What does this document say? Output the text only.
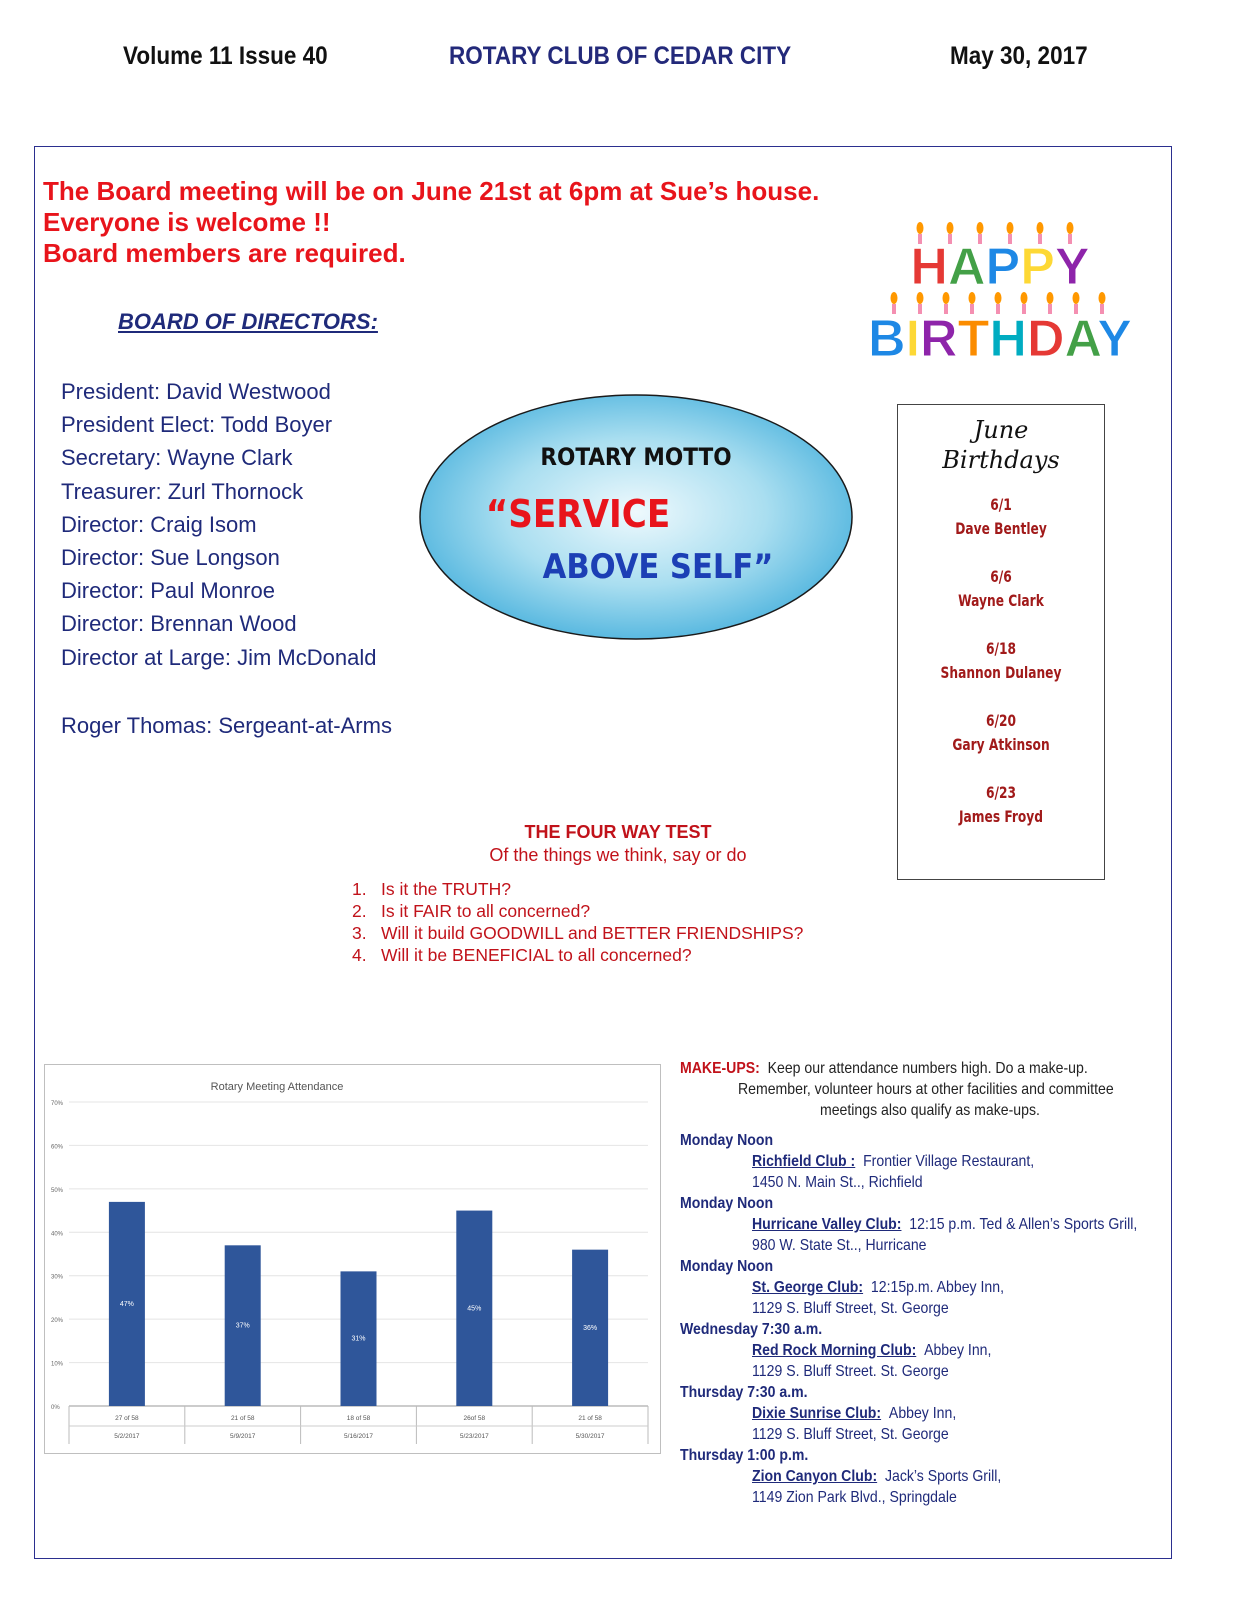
Volume 11 Issue 40	ROTARY CLUB OF CEDAR CITY	May 30, 2017
The Board meeting will be on June 21st at 6pm at Sue’s house.
Everyone is welcome !!
Board members are required.	HAPPY
BIRTHDAY
BOARD OF DIRECTORS:
President: David Westwood
President Elect: Todd Boyer
Secretary: Wayne Clark
Treasurer: Zurl Thornock
Director: Craig Isom
Director: Sue Longson
Director: Paul Monroe
Director: Brennan Wood
Director at Large: Jim McDonald
Roger Thomas: Sergeant-at-Arms
ROTARY MOTTO
“SERVICE
ABOVE SELF”
June
Birthdays
6/1
Dave Bentley
6/6
Wayne Clark
6/18
Shannon Dulaney
6/20
Gary Atkinson
6/23
James Froyd
THE FOUR WAY TEST
Of the things we think, say or do
1. Is it the TRUTH?
2. Is it FAIR to all concerned?
3. Will it build GOODWILL and BETTER FRIENDSHIPS?
4. Will it be BENEFICIAL to all concerned?
Rotary Meeting Attendance
0%
10%
20%
30%
40%
50%
60%
70%
47%
27 of 58
5/2/2017
37%
21 of 58
5/9/2017
31%
18 of 58
5/16/2017
45%
26of 58
5/23/2017
36%
21 of 58
5/30/2017
MAKE-UPS: Keep our attendance numbers high. Do a make-up.
Remember, volunteer hours at other facilities and committee
meetings also qualify as make-ups.
Monday Noon
Richfield Club : Frontier Village Restaurant,
1450 N. Main St.., Richfield
Monday Noon
Hurricane Valley Club: 12:15 p.m. Ted & Allen’s Sports Grill,
980 W. State St.., Hurricane
Monday Noon
St. George Club: 12:15p.m. Abbey Inn,
1129 S. Bluff Street, St. George
Wednesday 7:30 a.m.
Red Rock Morning Club: Abbey Inn,
1129 S. Bluff Street. St. George
Thursday 7:30 a.m.
Dixie Sunrise Club: Abbey Inn,
1129 S. Bluff Street, St. George
Thursday 1:00 p.m.
Zion Canyon Club: Jack’s Sports Grill,
1149 Zion Park Blvd., Springdale
